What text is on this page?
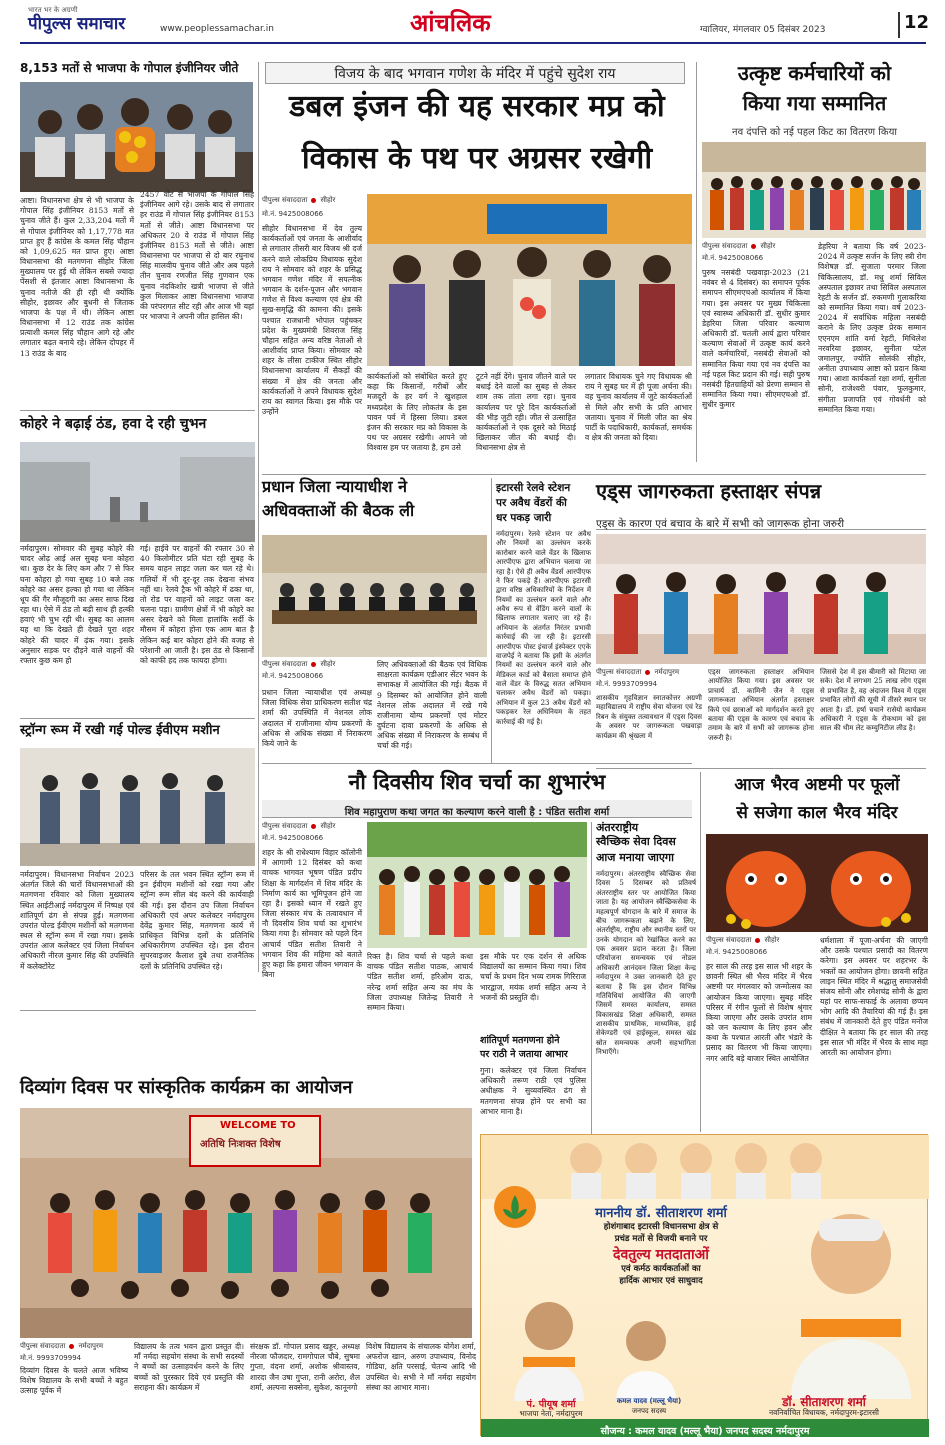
भारत भर के अग्रणी
पीपुल्स समाचार	www.peoplessamachar.in	आंचलिक	ग्वालियर, मंगलवार 05 दिसंबर 2023	12
8,153 मतों से भाजपा के गोपाल इंजीनियर जीते
आष्टा। विधानसभा क्षेत्र से भी भाजपा के गोपाल सिंह इंजीनियर 8153 मतों से चुनाव जीते हैं। कुल 2,33,204 मतों में से गोपाल इंजीनियर को 1,17,778 मत प्राप्त हुए हैं कांग्रेस के कमल सिंह चौहान को 1,09,625 मत प्राप्त हुए। आष्टा विधानसभा की मतगणना सीहोर जिला मुख्यालय पर हुई थी लेकिन सबसे ज्यादा पेंसशी से इंतजार आष्टा विधानसभा के चुनाव नतीजे की ही रही थी क्योंकि सीहोर, इछावर और बुधनी से जिताक भाजपा के पक्ष में थी। लेकिन आष्टा विधानसभा में 12 राउंड तक कांग्रेस प्रत्याशी कमल सिंह चौहान आगे रहे और लगातार बढ़त बनाये रहे। लेकिन दोपहर में 13 राउंड के बाद
2457 वोट से भाजपा के गोपाल सिंह इंजीनियर आगे रहे। उसके बाद से लगातार हर राउंड में गोपाल सिंह इंजीनियर 8153 मतों से जीते। आष्टा विधानसभा पर अधिकतर 20 वे राउंड में गोपाल सिंह इंजीनियर 8153 मतों से जीते। आष्टा विधानसभा पर भाजपा से दो बार रघुनाथ सिंह मालवीय चुनाव जीते और अब पहले तीन चुनाव रणजीत सिंह गुणवान एक चुनाव नंदकिशोर खत्री भाजपा से जीते कुल मिलाकर आष्टा विधानसभा भाजपा की परंपरागत सीट रही और आज भी यहां पर भाजपा ने अपनी जीत हासिल की।
कोहरे ने बढ़ाई ठंड, हवा दे रही चुभन
नर्मदापुरम। सोमवार की सुबह कोहरे की चादर ओढ़ आई अल सुबह घना कोहरा था। कुछ देर के लिए कम और 7 से फिर घना कोहरा हो गया सुबह 10 बजे तक कोहरे का असर हल्का हो गया था लेकिन धूप की गैर मौजूदगी का असर साफ दिख रहा था। ऐसे में ठंड तो बढ़ी साथ ही हल्की हवाएं भी चुभ रही थी। सुबह का आलम यह था कि देखते ही देखते पूरा शहर कोहरे की चादर में ढ़ंक गया। इसके अनुसार सड़क पर दौड़ने वाले वाहनों की रफ्तार कुछ कम हो
गई। हाईवे पर वाहनों की रफ्तार 30 से 40 किलोमीटर प्रति घंटा रही सुबह के समय वाहन लाइट जला कर चल रहे थे। गलियों में भी दूर-दूर तक देखना संभव नहीं था। रेलवे ट्रैक भी कोहरे में ढका था, तो रोड पर वाहनों को लाइट जला कर चलना पड़ा। ग्रामीण क्षेत्रों में भी कोहरे का असर देखने को मिला हालांकि सर्दी के मौसम में कोहरा होना एक आम बात है लेकिन कई बार कोहरा होने की वजह से परेशानी आ जाती है। इस ठंड से किसानों को काफी हद तक फायदा होगा।
स्ट्रॉन्ग रूम में रखी गई पोल्ड ईवीएम मशीन
नर्मदापुरम। विधानसभा निर्वाचन 2023 अंतर्गत जिले की चारों विधानसभाओं की मतगणना रविवार को जिला मुख्यालय स्थित आईटीआई नर्मदापुरम में निष्पक्ष एवं शांतिपूर्ण ढंग से संपन्न हुई। मतगणना उपरांत पोल्ड ईवीएम मशीनों को मतगणना स्थल से स्ट्रॉन्ग रूम में रखा गया। इसके उपरांत आज कलेक्टर एवं जिला निर्वाचन अधिकारी नीरज कुमार सिंह की उपस्थिति में कलेक्टोरेट
परिसर के तल भवन स्थित स्ट्रॉन्ग रूम में इन ईवीएम मशीनों को रखा गया और स्ट्रॉन्ग रूम सील बंद करने की कार्यवाही की गई। इस दौरान उप जिला निर्वाचन अधिकारी एवं अपर कलेक्टर नर्मदापुरम देवेंद्र कुमार सिंह, मतगणना कार्य में प्राधिकृत विभिन्न दलों के प्रतिनिधि अधिकारीगण उपस्थित रहे। इस दौरान सुपरवाइजर कैलाश दुबे तथा राजनैतिक दलों के प्रतिनिधि उपस्थित रहे।
विजय के बाद भगवान गणेश के मंदिर में पहुंचे सुदेश राय
डबल इंजन की यह सरकार मप्र को
विकास के पथ पर अग्रसर रखेगी
पीपुल्स संवाददाता सीहोर
मो.नं. 9425008066
सीहोर विधानसभा में देव तुल्य कार्यकर्ताओं एवं जनता के आशीर्वाद से लगातार तीसरी बार विजय श्री दर्ज करने वाले लोकप्रिय विधायक सुदेश राय ने सोमवार को शहर के प्रसिद्ध भगवान गणेश मंदिर में सपत्नीक भगवान के दर्शन-पूजन और भगवान गणेश से विश्व कल्याण एवं क्षेत्र की सुख-समृद्धि की कामना की। इसके पश्चात राजधानी भोपाल पहुंचकर प्रदेश के मुख्यमंत्री शिवराज सिंह चौहान सहित अन्य वरिष्ठ नेताओं से आशीर्वाद प्राप्त किया। सोमवार को शहर के लीसा टाकीज स्थित सीहोर विधानसभा कार्यालय में सैकड़ों की संख्या में क्षेत्र की जनता और कार्यकर्ताओं ने अपने विधायक सुदेश राय का स्वागत किया। इस मौके पर उन्होंने
कार्यकर्ताओं को संबोधित करते हुए कहा कि किसानों, गरीबों और मजदूरों के हर वर्ग ने खुशहाल मध्यप्रदेश के लिए लोकतंत्र के इस पावन पर्व में हिस्सा लिया। डबल इंजन की सरकार मप्र को विकास के पथ पर अग्रसर रखेगी। आपने जो विश्वास हम पर जताया है, हम उसे
टूटने नहीं देंगे। चुनाव जीतने वाले पर बधाई देने वालों का सुबह से लेकर शाम तक तांता लगा रहा। चुनाव कार्यालय पर पूरे दिन कार्यकर्ताओं की भीड़ जुटी रही। जीत से उत्साहित कार्यकर्ताओं ने एक दूसरे को मिठाई खिलाकर जीत की बधाई दी। विधानसभा क्षेत्र से
लगातार विधायक चुने गए विधायक श्री राय ने सुबह घर में ही पूजा अर्चना की। वह चुनाव कार्यालय में जुटे कार्यकर्ताओं से मिले और सभी के प्रति आभार जताया। चुनाव में मिली जीत का श्रेय पार्टी के पदाधिकारी, कार्यकर्ता, समर्थक व क्षेत्र की जनता को दिया।
प्रधान जिला न्यायाधीश ने
अधिवक्ताओं की बैठक ली
पीपुल्स संवाददाता सीहोर
मो.नं. 9425008066
प्रधान जिला न्यायाधीश एवं अध्यक्ष जिला विधिक सेवा प्राधिकरण सतीश चंद्र शर्मा की उपस्थिति में नेशनल लोक अदालत में राजीनामा योग्य प्रकरणों के अधिक से अधिक संख्या में निराकरण किये जाने के
लिए अधिवक्ताओं की बैठक एवं विधिक साक्षरता कार्यक्रम एडीआर सेंटर भवन के सभाकक्ष में आयोजित की गई। बैठक में 9 दिसम्बर को आयोजित होने वाली नेशनल लोक अदालत में रखे गये राजीनामा योग्य प्रकरणों एवं मोटर दुर्घटना दावा प्रकरणों के अधिक से अधिक संख्या में निराकरण के सम्बंध में चर्चा की गई।
इटारसी रेलवे स्टेशन
पर अवैध वेंडरों की
धर पकड़ जारी
नर्मदापुरम। रेलवे स्टेशन पर अवैध और नियमों का उल्लंघन करके कारोबार करने वाले वेंडर के खिलाफ आरपीएफ द्वारा अभियान चलाया जा रहा है। ऐसे ही अवैध वेंडर्स आरपीएफ ने फिर पकड़े हैं। आरपीएफ इटारसी द्वारा वरिष्ठ अधिकारियों के निर्देशन में नियमों का उल्लंघन करने वाले और अवैध रूप से वेंडिंग करने वालों के खिलाफ लगातार चलाए जा रहे हैं। अभियान के अंतर्गत निरंतर प्रभावी कार्रवाई की जा रही है। इटारसी आरपीएफ पोस्ट इंचार्ज इंस्पेक्टर एएके वाजपेई ने बताया कि इसी के अंतर्गत नियमों का उल्लंघन करने वाले और मेडिकल कार्ड को बैसाता समाप्त होने वाले वेंडर के विरुद्ध सतत अभियान चलाकर अवैध वेंडरों को पकड़ा। अभियान में कुल 23 अवैध वेंडरों को पकड़कर रेल अधिनियम के तहत कार्रवाई की गई है।
नौ दिवसीय शिव चर्चा का शुभारंभ
शिव महापुराण कथा जगत का कल्याण करने वाली है : पंडित सतीश शर्मा
पीपुल्स संवाददाता सीहोर
मो.नं. 9425008066
शहर के श्री राधेश्याम विहार कॉलोनी में आगामी 12 दिसंबर को कथा वाचक भागवत भूषण पंडित प्रदीप शिक्षा के मार्गदर्शन में शिव मंदिर के निर्माण कार्य का भूमिपूजन होने जा रहा है। इसको ध्यान में रखते हुए जिला संस्कार मंच के तत्वावधान में नौ दिवसीय शिव चर्चा का शुभारंभ किया गया है। सोमवार को पहले दिन आचार्य पंडित सतीश तिवारी ने भगवान शिव की महिमा को बताते हुए कहा कि हमारा जीवन भगवान के बिना
रिक्त है। शिव चर्चा से पहले कथा वाचक पंडित सतीश पाठक, आचार्य पंडित सतीश शर्मा, हरिओम दाऊ, नरेन्द्र शर्मा सहित अन्य का मंच के जिला उपाध्यक्ष जितेन्द्र तिवारी ने सम्मान किया।
इस मौके पर एक दर्शन से अधिक विद्यालयों का सम्मान किया गया। शिव चर्चा के प्रथम दिन भव्य रामक गिरिराज भारद्वाज, मयंक शर्मा सहित अन्य ने भजनों की प्रस्तुति दी।
अंतरराष्ट्रीय
स्वैच्छिक सेवा दिवस
आज मनाया जाएगा
नर्मदापुरम। अंतरराष्ट्रीय स्वैच्छिक सेवा दिवस 5 दिसम्बर को प्रतिवर्ष अंतरराष्ट्रीय स्तर पर आयोजित किया जाता है। यह आयोजन स्वैच्छिकसेवा के महत्वपूर्ण योगदान के बारे में समाज के बीच जागरूकता बढ़ाने के लिए, अंतर्राष्ट्रीय, राष्ट्रीय और स्थानीय स्तरों पर उनके योगदान को रेखांकित करने का एक अवसर प्रदान करता है। जिला परियोजना समन्वयक एवं नोडल अधिकारी आनंदवन जिला शिक्षा केन्द्र नर्मदापुरम ने उक्त जानकारी देते हुए बताया है कि इस दौरान विभिन्न गतिविधियां आयोजित की जाएगी जिसमें समस्त कार्यालय, समस्त विकासखंड शिक्षा अधिकारी, समस्त शासकीय प्राथमिक, माध्यमिक, हाई सेकेण्डरी एवं हाईस्कूल, समस्त खंड स्रोत समन्वयक अपनी सहभागिता निभाएँगे।
शांतिपूर्ण मतगणना होने
पर राठी ने जताया आभार
गुना। कलेक्टर एवं जिला निर्वाचन अधिकारी तरूण राठी एवं पुलिस अधीक्षक ने सुव्यवस्थित ढंग से मतगणना संपन्न होने पर सभी का आभार माना है।
उत्कृष्ट कर्मचारियों को
किया गया सम्मानित
नव दंपत्ति को नई पहल किट का वितरण किया
पीपुल्स संवाददाता सीहोर
मो.नं. 9425008066
पुरुष नसबंदी पखवाड़ा-2023 (21 नवंबर से 4 दिसंबर) का समापन पूर्वक समापन सीएमएचओ कार्यालय में किया गया। इस अवसर पर मुख्य चिकित्सा एवं स्वास्थ्य अधिकारी डॉ. सुधीर कुमार डेहरिया जिला परिवार कल्याण अधिकारी डॉ. चतली आर्य द्वारा परिवार कल्याण सेवाओं में उत्कृष्ट कार्य करने वाले कर्मचारियों, नसबंदी सेवाओं को सम्मानित किया गया एवं नव दंपत्ति का नई पहल किट प्रदान की गई। सही पुरुष नसबंदी हितग्राहियों को प्रेरणा सम्मान से सम्मानित किया गया। सीएमएचओ डॉ. सुधीर कुमार
डेहरिया ने बताया कि वर्ष 2023-2024 में उत्कृष्ट सर्जन के लिए स्त्री रोग विशेषज्ञ डॉ. सुजाता परमार जिला चिकित्सालय, डॉ. मधु शर्मा सिविल अस्पताल इछावर तथा सिविल अस्पताल रेहटी के सर्जन डॉ. रुकमणी गुलाकरिया को सम्मानित किया गया। वर्ष 2023-2024 में सर्वाधिक महिला नसबंदी कराने के लिए उत्कृष्ट प्रेरक सम्मान एएनएम शांति वर्मा रेहटी, मिथिलेश नरवरिया इछावर, सुनीता पटेल जमालपुर, ज्योति सोलंकी सीहोर, अनीता उपाध्याय आष्टा को प्रदान किया गया। आशा कार्यकर्ता रक्षा शर्मा, सुनीता सोनी, राजेश्वरी पंवार, फूलकुमार, संगीता प्रजापति एवं गोवर्धनी को सम्मानित किया गया।
एड्स जागरुकता हस्ताक्षर संपन्न
एड्स के कारण एवं बचाव के बारे में सभी को जागरूक होना जरुरी
पीपुल्स संवाददाता नर्मदापुरम
मो.नं. 9993709994
शासकीय गृहविज्ञान स्नातकोत्तर अग्रणी महाविद्यालय में राष्ट्रीय सेवा योजना एवं रेड रिबन के संयुक्त तत्वावधान में एड्स दिवस के अवसर पर जागरूकता पखवाड़ा कार्यक्रम की श्रृंखला में
एड्स जागरुकता हस्ताक्षर अभियान आयोजित किया गया। इस अवसर पर प्राचार्य डॉ. कामिनी जैन ने एड्स जागरूकता अभियान अंतर्गत हस्ताक्षर किये एवं छात्राओं को मार्गदर्शन करते हुए बताया की एड्स के कारण एवं बचाव के तमाम के बारे में सभी को जागरूक होना जरूरी है।
जिससे देश में इस बीमारी को मिटाया जा सके। देश में लगभग 25 लाख लोग एड्स से प्रभावित है, वह अंदाजन विश्व में एड्स प्रभावित लोगों की सूची में तीसरे स्थान पर आता है। डॉ. हर्षा चचाने रासेयो कार्यक्रम अधिकारी ने एड्स के रोकथाम को इस साल की थीम लेट कम्युनिटीज लीड है।
आज भैरव अष्टमी पर फूलों
से सजेगा काल भैरव मंदिर
पीपुल्स संवाददाता सीहोर
मो.नं. 9425008066
हर साल की तरह इस साल भी शहर के छावनी स्थित श्री भैरव मंदिर में भैरव अष्टमी पर मंगलवार को जन्मोत्सव का आयोजन किया जाएगा। सुबह मंदिर परिसर में रंगीन फूलों से विशेष श्रृंगार किया जाएगा और उसके उपरांत शाम को जन कल्याण के लिए हवन और कथा के पश्चात आरती और भंडारे के प्रसाद का वितरण भी किया जाएगा। नगर आदि बड़े बाजार स्थित आयोजित
धर्मशाला में पूजा-अर्चना की जाएगी और उसके पश्चात प्रसादी का वितरण करेगा। इस अवसर पर शहरभर के भक्तों का आयोजन होगा। छावनी सहित लाइन स्थित मंदिर में श्रद्धालु समाजसेवी संजय सोनी और रमेशचंद्र सोनी के द्वारा यहां पर साफ-सफाई के अलावा छप्पन भोग आदि की तैयारियां की गई हैं। इस संबंध में जानकारी देते हुए पंडित मनोज दीक्षित ने बताया कि हर साल की तरह इस साल भी मंदिर में भैरव के साथ महा आरती का आयोजन होगा।
दिव्यांग दिवस पर सांस्कृतिक कार्यक्रम का आयोजन
WELCOME TO
अतिथि निःशक्त विशेष
पीपुल्स संवाददाता नर्मदापुरम
मो.नं. 9993709994
दिव्यांग दिवस के चलते आज भविष्य विशेष विद्यालय के सभी बच्चों ने बहुत उत्साह पूर्वक में
विद्यालय के तत्व भवन द्वारा प्रस्तुत दी। माँ नर्मदा सहयोग संस्था के सभी सदस्यों ने बच्चों का उत्साहवर्धन करने के लिए बच्चों को पुरस्कार दिये एवं प्रस्तुति की सराहना की। कार्यक्रम में
संरक्षक डॉ. गोपाल प्रसाद खड्डर, अध्यक्ष नीरजा फौजदार, रामगोपाल चौबे, सुषमा गुप्ता, वंदना शर्मा, अशोक श्रीवास्तव, शारदा जैन उषा गुप्ता, रानी अरोरा, शैल शर्मा, अल्पना सक्सेना, सुकेश, कानूनगो
विशेष विद्यालय के संचालक योगेश शर्मा, अफरोज खान, अरुण उपाध्याय, विनोद गोडिया, क्षति परसाई, चेतन्य आदि भी उपस्थित थे। सभी ने माँ नर्मदा सहयोग संस्था का आभार माना।
माननीय डॉ. सीताशरण शर्मा
होशंगाबाद इटारसी विधानसभा क्षेत्र से
प्रचंड मतों से विजयी बनाने पर
देवतुल्य मतदाताओं
एवं कर्मठ कार्यकर्ताओं का
हार्दिक आभार एवं साधुवाद
पं. पीयूष शर्मा
भाजपा नेता, नर्मदापुरम
कमल यादव (मल्लू भैया)
जनपद सदस्य
डॉ. सीताशरण शर्मा
नवनिर्वाचित विधायक, नर्मदापुरम-इटारसी
सौजन्य : कमल यादव (मल्लू भैया) जनपद सदस्य नर्मदापुरम
